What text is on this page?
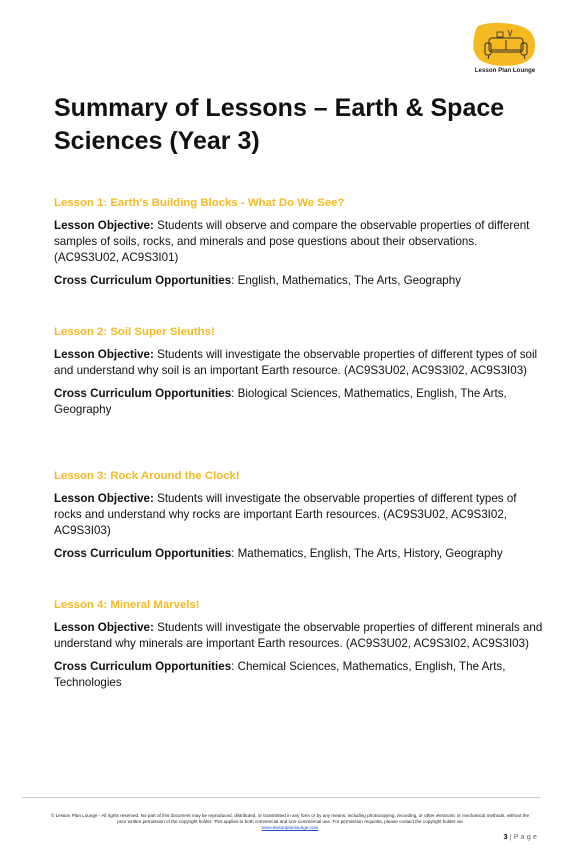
Lesson Plan Lounge
Summary of Lessons – Earth & Space Sciences (Year 3)
Lesson 1: Earth's Building Blocks - What Do We See?

Lesson Objective: Students will observe and compare the observable properties of different samples of soils, rocks, and minerals and pose questions about their observations. (AC9S3U02, AC9S3I01)

Cross Curriculum Opportunities: English, Mathematics, The Arts, Geography

Lesson 2: Soil Super Sleuths!

Lesson Objective: Students will investigate the observable properties of different types of soil and understand why soil is an important Earth resource. (AC9S3U02, AC9S3I02, AC9S3I03)

Cross Curriculum Opportunities: Biological Sciences, Mathematics, English, The Arts, Geography

Lesson 3: Rock Around the Clock!

Lesson Objective: Students will investigate the observable properties of different types of rocks and understand why rocks are important Earth resources. (AC9S3U02, AC9S3I02, AC9S3I03)

Cross Curriculum Opportunities: Mathematics, English, The Arts, History, Geography

Lesson 4: Mineral Marvels!

Lesson Objective: Students will investigate the observable properties of different minerals and understand why minerals are important Earth resources. (AC9S3U02, AC9S3I02, AC9S3I03)

Cross Curriculum Opportunities: Chemical Sciences, Mathematics, English, The Arts, Technologies

© Lesson Plan Lounge - All rights reserved. No part of this document may be reproduced, distributed, or transmitted in any form or by any means, including photocopying, recording, or other electronic or mechanical methods, without the prior written permission of the copyright holder. This applies to both commercial and non-commercial use. For permission requests, please contact the copyright holder via
www.lessonplanlounge.com
3 | P a g e
